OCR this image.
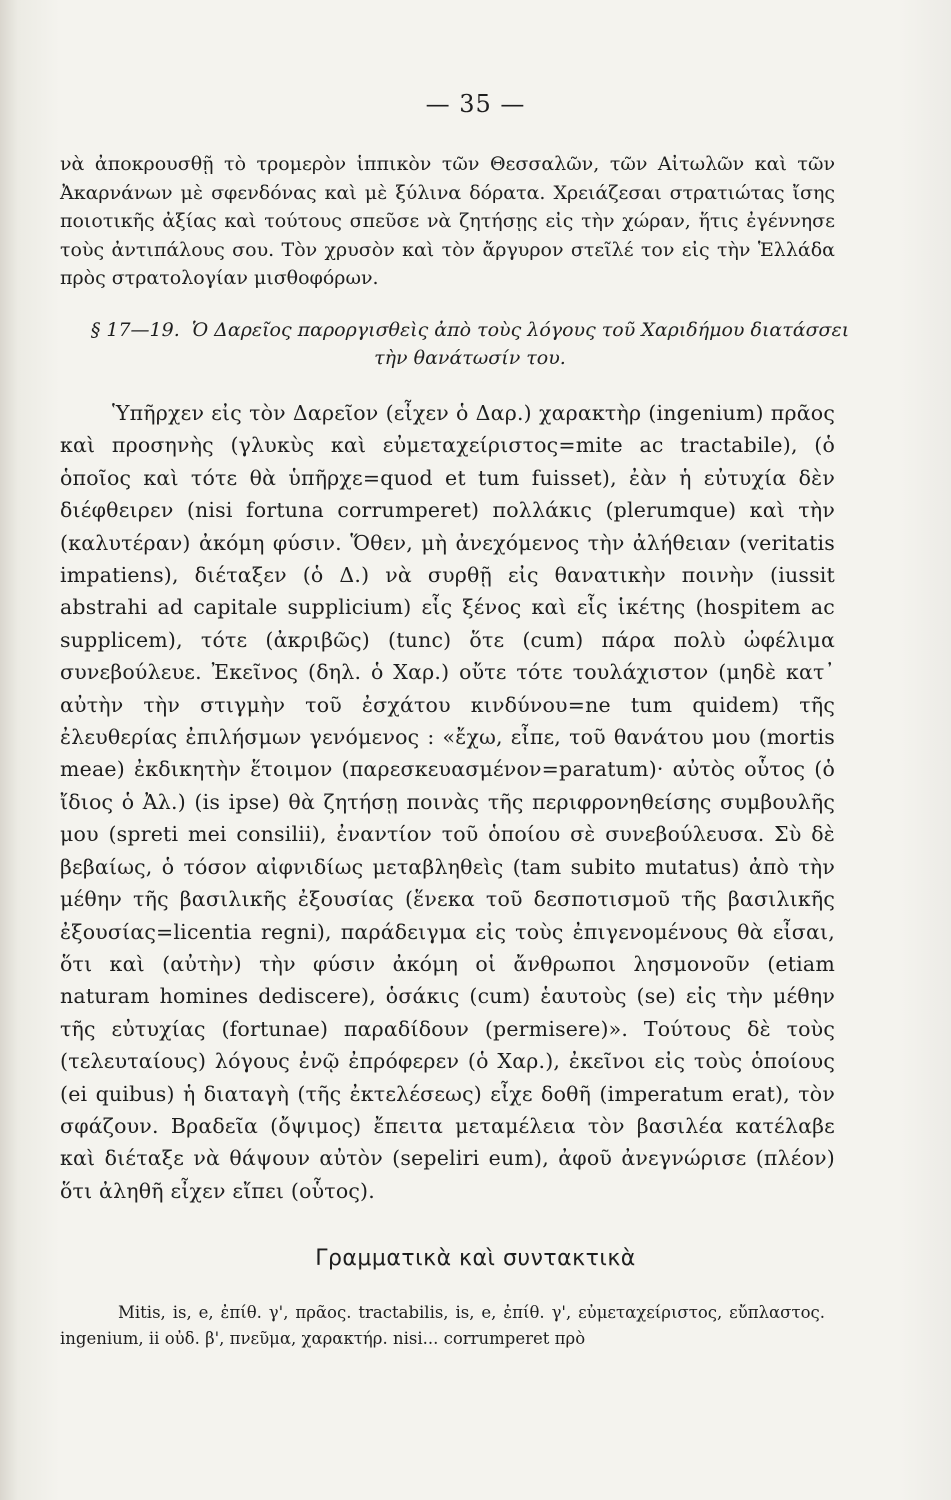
— 35 —

νὰ ἀποκρουσθῇ τὸ τρομερὸν ἱππικὸν τῶν Θεσσαλῶν, τῶν Αἰτωλῶν καὶ τῶν Ἀκαρνάνων μὲ σφενδόνας καὶ μὲ ξύλινα δόρατα. Χρειάζεσαι στρατιώτας ἴσης ποιοτικῆς ἀξίας καὶ τούτους σπεῦσε νὰ ζητήσῃς εἰς τὴν χώραν, ἥτις ἐγέννησε τοὺς ἀντιπάλους σου. Τὸν χρυσὸν καὶ τὸν ἄργυρον στεῖλέ τον εἰς τὴν Ἑλλάδα πρὸς στρατολογίαν μισθοφόρων.

§ 17—19. Ὁ Δαρεῖος παροργισθεὶς ἀπὸ τοὺς λόγους τοῦ Χαριδήμου διατάσσει τὴν θανάτωσίν του.

Ὑπῆρχεν εἰς τὸν Δαρεῖον (εἶχεν ὁ Δαρ.) χαρακτὴρ (ingenium) πρᾶος καὶ προσηνὴς (γλυκὺς καὶ εὐμεταχείριστος=mite ac tractabile), (ὁ ὁποῖος καὶ τότε θὰ ὑπῆρχε=quod et tum fuisset), ἐὰν ἡ εὐτυχία δὲν διέφθειρεν (nisi fortuna corrumperet) πολλάκις (plerumque) καὶ τὴν (καλυτέραν) ἀκόμη φύσιν. Ὅθεν, μὴ ἀνεχόμενος τὴν ἀλήθειαν (veritatis impatiens), διέταξεν (ὁ Δ.) νὰ συρθῇ εἰς θανατικὴν ποινὴν (iussit abstrahi ad capitale supplicium) εἷς ξένος καὶ εἷς ἱκέτης (hospitem ac supplicem), τότε (ἀκριβῶς) (tunc) ὅτε (cum) πάρα πολὺ ὠφέλιμα συνεβούλευε. Ἐκεῖνος (δηλ. ὁ Χαρ.) οὔτε τότε τουλάχιστον (μηδὲ κατ᾽ αὐτὴν τὴν στιγμὴν τοῦ ἐσχάτου κινδύνου=ne tum quidem) τῆς ἐλευθερίας ἐπιλήσμων γενόμενος : «ἔχω, εἶπε, τοῦ θανάτου μου (mortis meae) ἐκδικητὴν ἕτοιμον (παρεσκευασμένον=paratum)· αὐτὸς οὗτος (ὁ ἴδιος ὁ Ἀλ.) (is ipse) θὰ ζητήσῃ ποινὰς τῆς περιφρονηθείσης συμβουλῆς μου (spreti mei consilii), ἐναντίον τοῦ ὁποίου σὲ συνεβούλευσα. Σὺ δὲ βεβαίως, ὁ τόσον αἰφνιδίως μεταβληθεὶς (tam subito mutatus) ἀπὸ τὴν μέθην τῆς βασιλικῆς ἐξουσίας (ἕνεκα τοῦ δεσποτισμοῦ τῆς βασιλικῆς ἐξουσίας=licentia regni), παράδειγμα εἰς τοὺς ἐπιγενομένους θὰ εἶσαι, ὅτι καὶ (αὐτὴν) τὴν φύσιν ἀκόμη οἱ ἄνθρωποι λησμονοῦν (etiam naturam homines dediscere), ὁσάκις (cum) ἑαυτοὺς (se) εἰς τὴν μέθην τῆς εὐτυχίας (fortunae) παραδίδουν (permisere)». Τούτους δὲ τοὺς (τελευταίους) λόγους ἐνῷ ἐπρόφερεν (ὁ Χαρ.), ἐκεῖνοι εἰς τοὺς ὁποίους (ei quibus) ἡ διαταγὴ (τῆς ἐκτελέσεως) εἶχε δοθῆ (imperatum erat), τὸν σφάζουν. Βραδεῖα (ὄψιμος) ἔπειτα μεταμέλεια τὸν βασιλέα κατέλαβε καὶ διέταξε νὰ θάψουν αὐτὸν (sepeliri eum), ἀφοῦ ἀνεγνώρισε (πλέον) ὅτι ἀληθῆ εἶχεν εἴπει (οὗτος).

Γραμματικὰ καὶ συντακτικὰ

Mitis, is, e, ἐπίθ. γ', πρᾶος. tractabilis, is, e, ἐπίθ. γ', εὐμεταχείριστος, εὔπλαστος. ingenium, ii οὐδ. β', πνεῦμα, χαρακτήρ. nisi... corrumperet πρὸ
